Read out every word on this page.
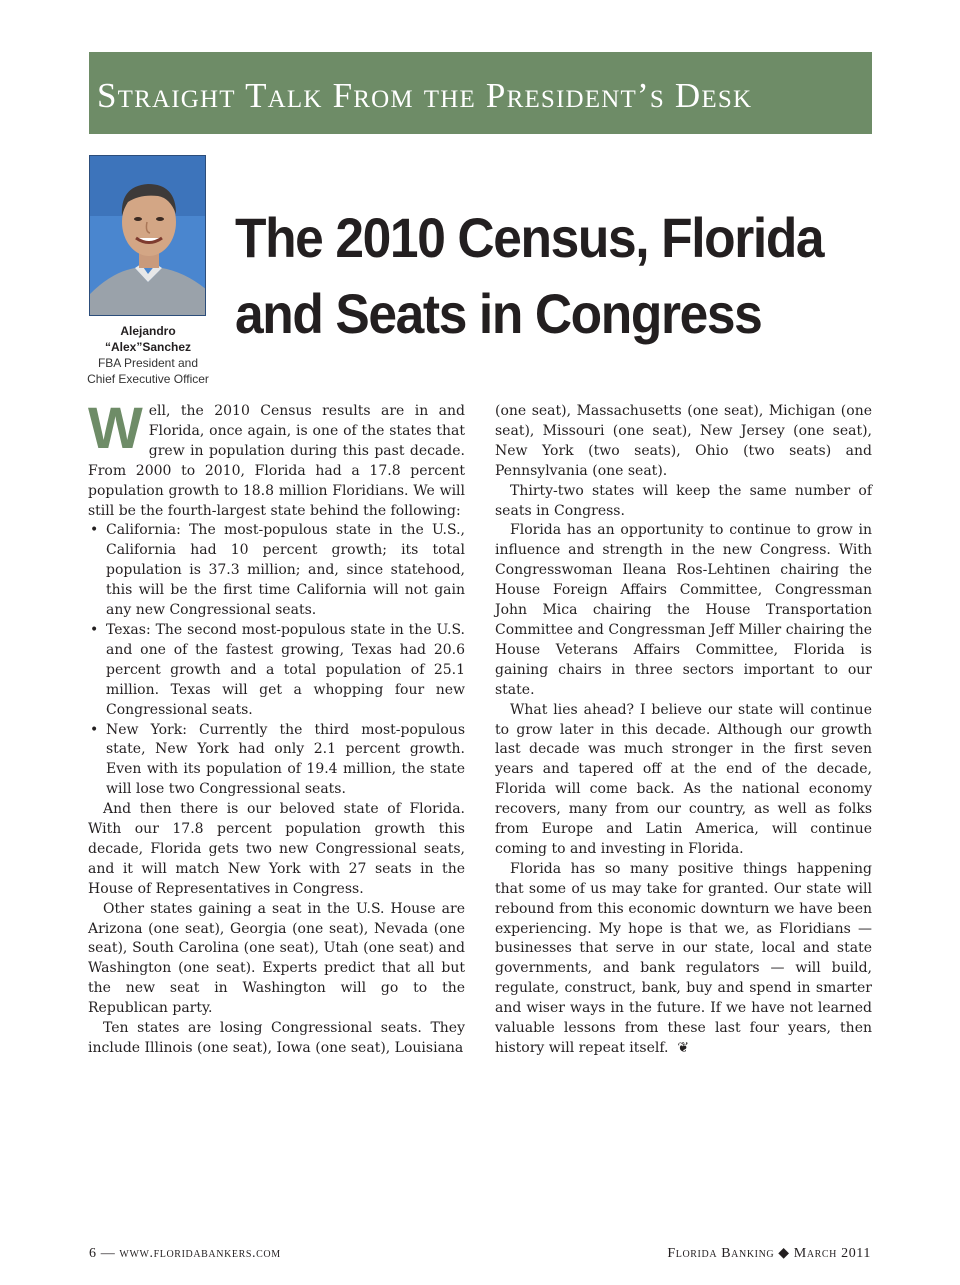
Straight Talk From the President’s Desk
Alejandro
“Alex”Sanchez
FBA President and
Chief Executive Officer
The 2010 Census, Florida
and Seats in Congress

Well, the 2010 Census results are in and Florida, once again, is one of the states that grew in population during this past decade. From 2000 to 2010, Florida had a 17.8 percent population growth to 18.8 million Floridians. We will still be the fourth-largest state behind the following:

• California: The most-populous state in the U.S., California had 10 percent growth; its total population is 37.3 million; and, since statehood, this will be the first time California will not gain any new Congressional seats.
• Texas: The second most-populous state in the U.S. and one of the fastest growing, Texas had 20.6 percent growth and a total population of 25.1 million. Texas will get a whopping four new Congressional seats.
• New York: Currently the third most-populous state, New York had only 2.1 percent growth. Even with its population of 19.4 million, the state will lose two Congressional seats.

And then there is our beloved state of Florida. With our 17.8 percent population growth this decade, Florida gets two new Congressional seats, and it will match New York with 27 seats in the House of Representatives in Congress.

Other states gaining a seat in the U.S. House are Arizona (one seat), Georgia (one seat), Nevada (one seat), South Carolina (one seat), Utah (one seat) and Washington (one seat). Experts predict that all but the new seat in Washington will go to the Republican party.

Ten states are losing Congressional seats. They include Illinois (one seat), Iowa (one seat), Louisiana

(one seat), Massachusetts (one seat), Michigan (one seat), Missouri (one seat), New Jersey (one seat), New York (two seats), Ohio (two seats) and Pennsylvania (one seat).

Thirty-two states will keep the same number of seats in Congress.

Florida has an opportunity to continue to grow in influence and strength in the new Congress. With Congresswoman Ileana Ros-Lehtinen chairing the House Foreign Affairs Committee, Congressman John Mica chairing the House Transportation Committee and Congressman Jeff Miller chairing the House Veterans Affairs Committee, Florida is gaining chairs in three sectors important to our state.

What lies ahead? I believe our state will continue to grow later in this decade. Although our growth last decade was much stronger in the first seven years and tapered off at the end of the decade, Florida will come back. As the national economy recovers, many from our country, as well as folks from Europe and Latin America, will continue coming to and investing in Florida.

Florida has so many positive things happening that some of us may take for granted. Our state will rebound from this economic downturn we have been experiencing. My hope is that we, as Floridians — businesses that serve in our state, local and state governments, and bank regulators — will build, regulate, construct, bank, buy and spend in smarter and wiser ways in the future. If we have not learned valuable lessons from these last four years, then history will repeat itself. ❦

6 — www.floridabankers.com	Florida Banking ◆ March 2011
